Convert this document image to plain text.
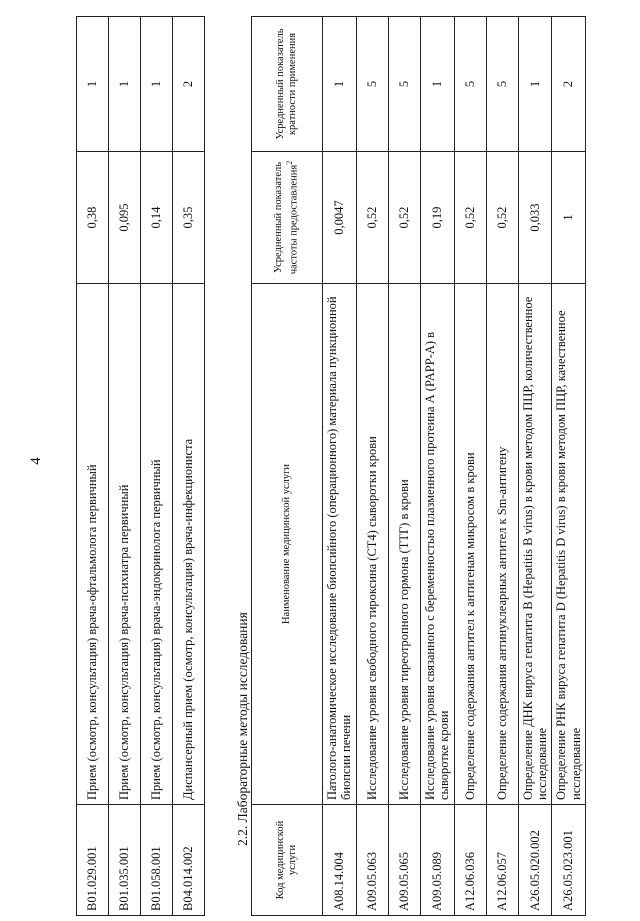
4
B01.029.001	Прием (осмотр, консультация) врача-офтальмолога первичный	0,38	1
B01.035.001	Прием (осмотр, консультация) врача-психиатра первичный	0,095	1
B01.058.001	Прием (осмотр, консультация) врача-эндокринолога первичный	0,14	1
B04.014.002	Диспансерный прием (осмотр, консультация) врача-инфекциониста	0,35	2
2.2. Лабораторные методы исследования
Код медицинской услуги	Наименование медицинской услуги	Усредненный показатель частоты предоставления$^2$	Усредненный показатель кратности применения
A08.14.004	Патолого-анатомическое исследование биопсийного (операционного) материала пункционной биопсии печени	0,0047	1
A09.05.063	Исследование уровня свободного тироксина (СТ4) сыворотки крови	0,52	5
A09.05.065	Исследование уровня тиреотропного гормона (ТТГ) в крови	0,52	5
A09.05.089	Исследование уровня связанного с беременностью плазменного протеина А (PAPP-A) в сыворотке крови	0,19	1
A12.06.036	Определение содержания антител к антигенам микросом в крови	0,52	5
A12.06.057	Определение содержания антинуклеарных антител к Sm-антигену	0,52	5
A26.05.020.002	Определение ДНК вируса гепатита В (Hepatitis B virus) в крови методом ПЦР, количественное исследование	0,033	1
A26.05.023.001	Определение РНК вируса гепатита D (Hepatitis D virus) в крови методом ПЦР, качественное исследование	1	2
